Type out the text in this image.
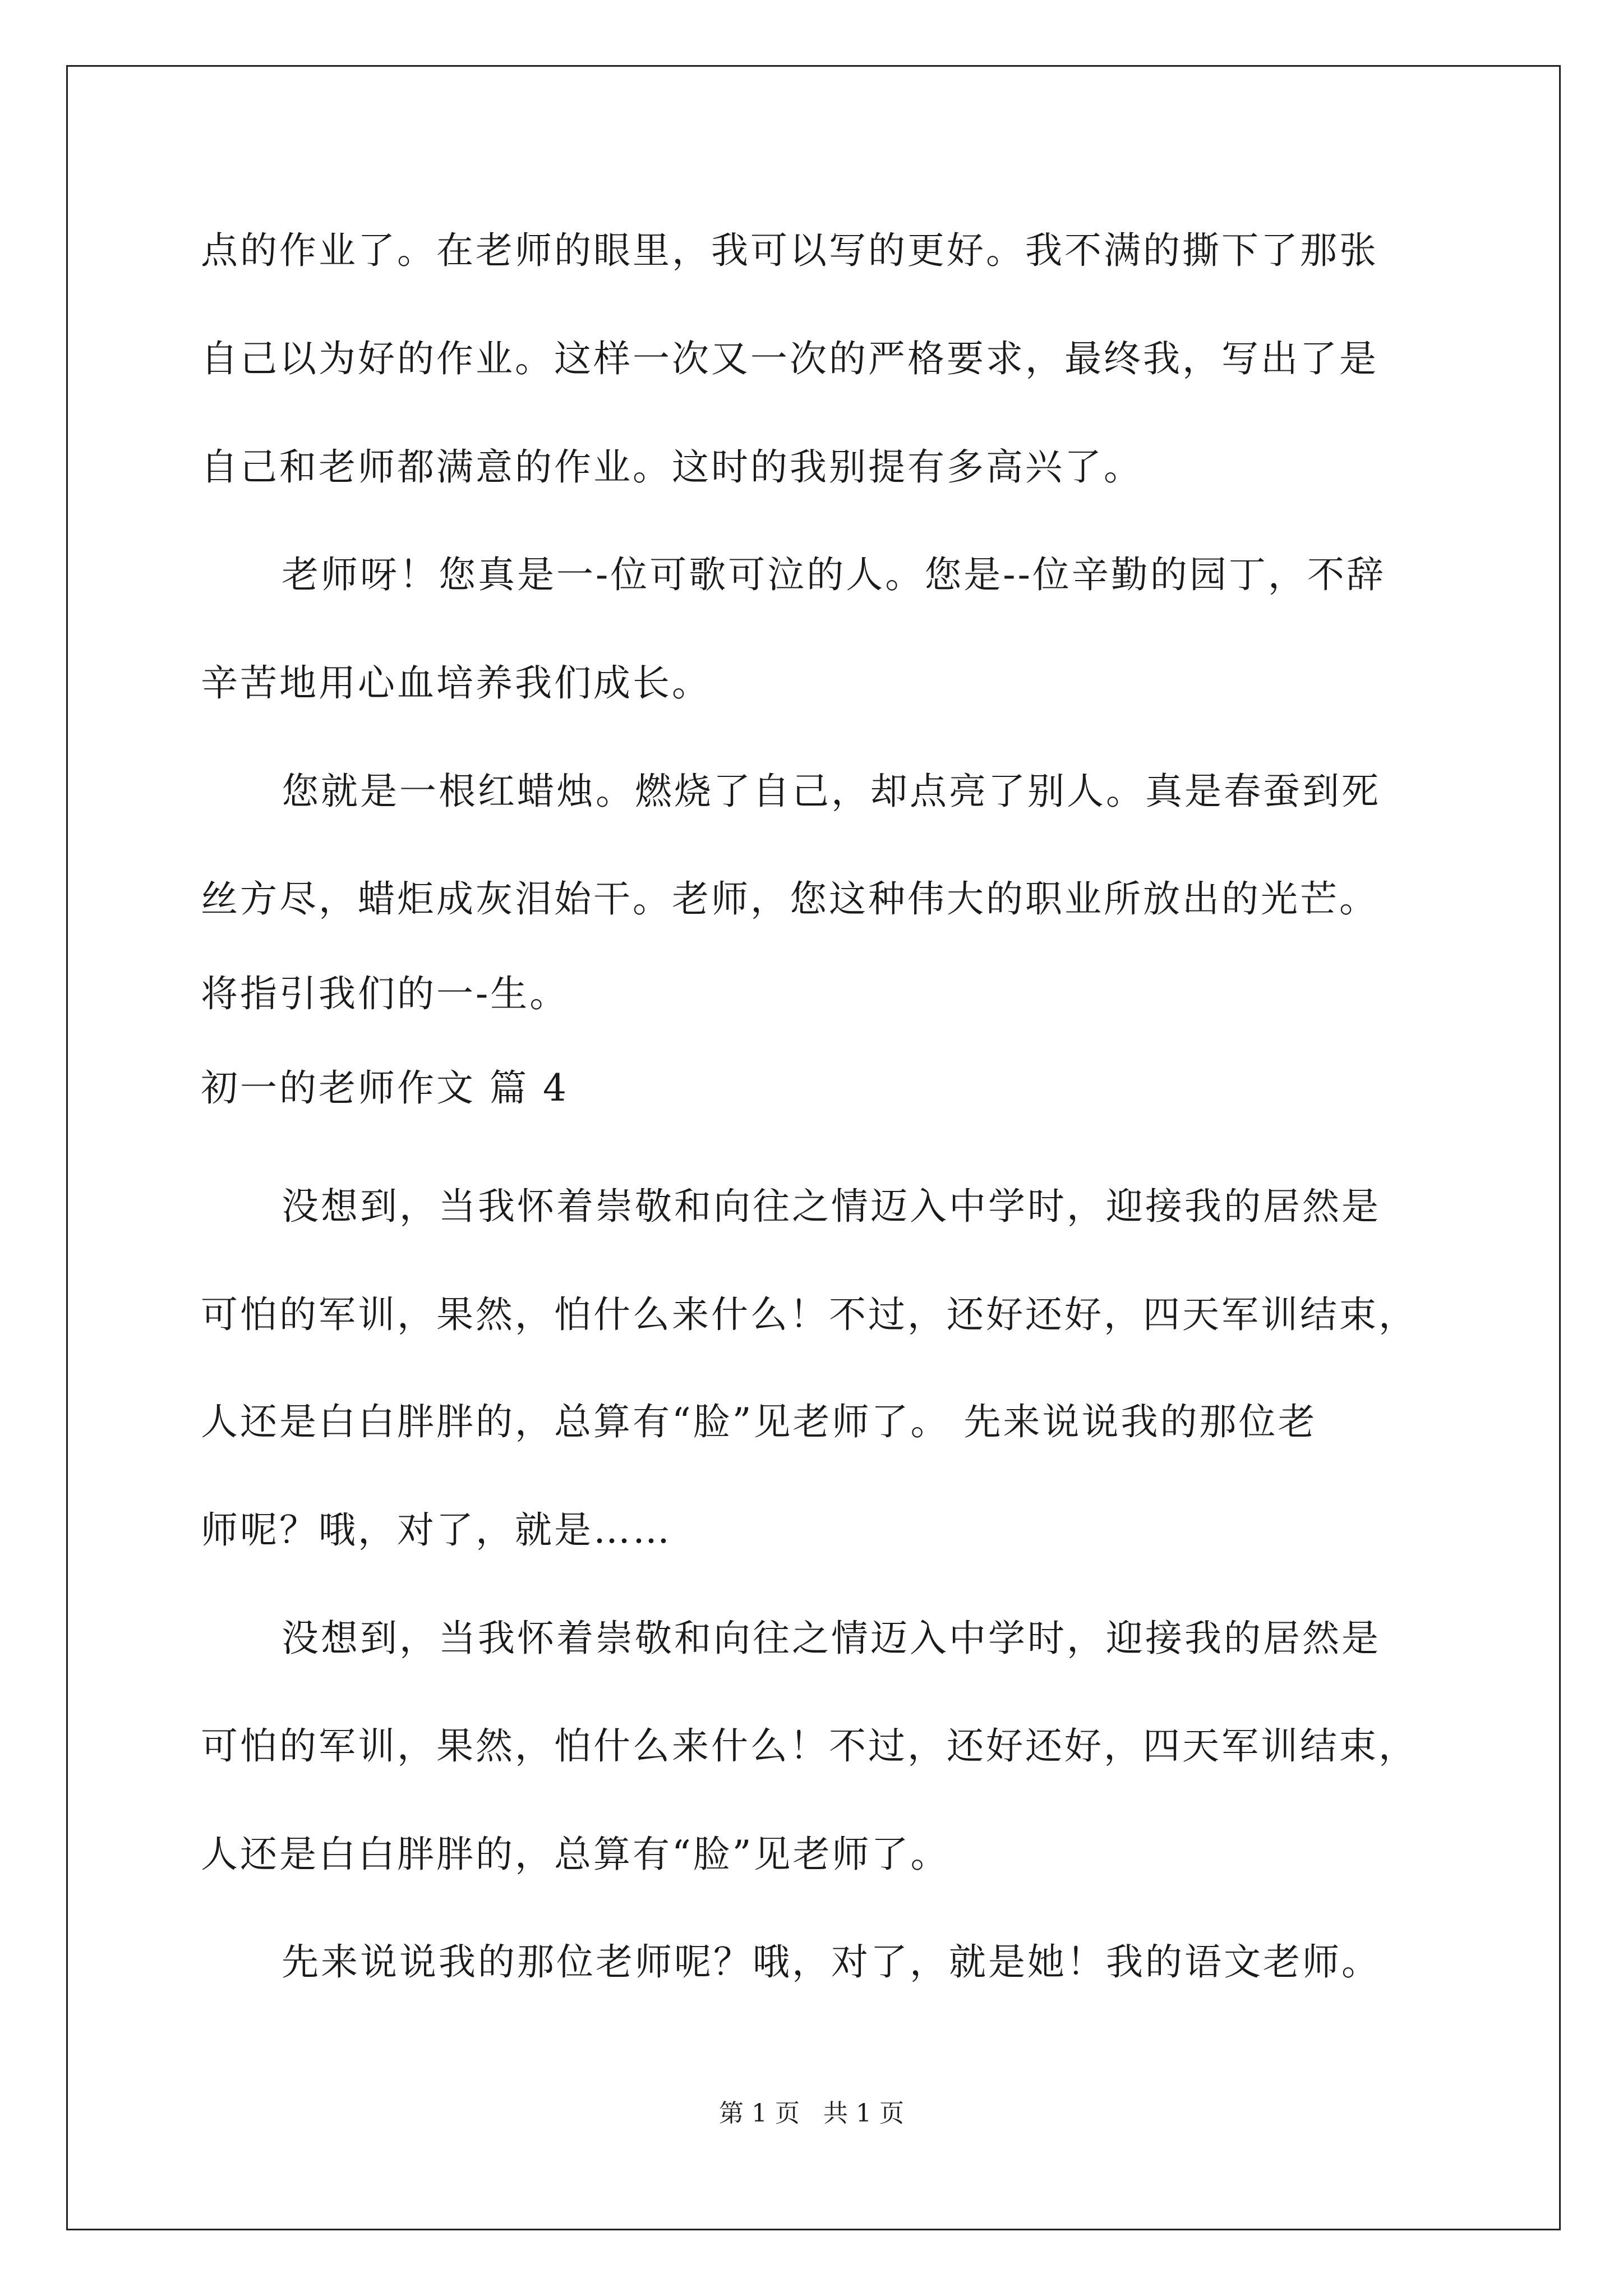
点的作业了。在老师的眼里，我可以写的更好。我不满的撕下了那张
自己以为好的作业。这样一次又一次的严格要求，最终我，写出了是
自己和老师都满意的作业。这时的我别提有多高兴了。
老师呀！您真是一-位可歌可泣的人。您是--位辛勤的园丁，不辞
辛苦地用心血培养我们成长。
您就是一根红蜡烛。燃烧了自己，却点亮了别人。真是春蚕到死
丝方尽，蜡炬成灰泪始干。老师，您这种伟大的职业所放出的光芒。
将指引我们的一-生。
初一的老师作文 篇 4
没想到，当我怀着崇敬和向往之情迈入中学时，迎接我的居然是
可怕的军训，果然，怕什么来什么！不过，还好还好，四天军训结束，
人还是白白胖胖的，总算有“脸”见老师了。 先来说说我的那位老
师呢？哦，对了，就是……
没想到，当我怀着崇敬和向往之情迈入中学时，迎接我的居然是
可怕的军训，果然，怕什么来什么！不过，还好还好，四天军训结束，
人还是白白胖胖的，总算有“脸”见老师了。
先来说说我的那位老师呢？哦，对了，就是她！我的语文老师。
第 1 页   共 1 页
